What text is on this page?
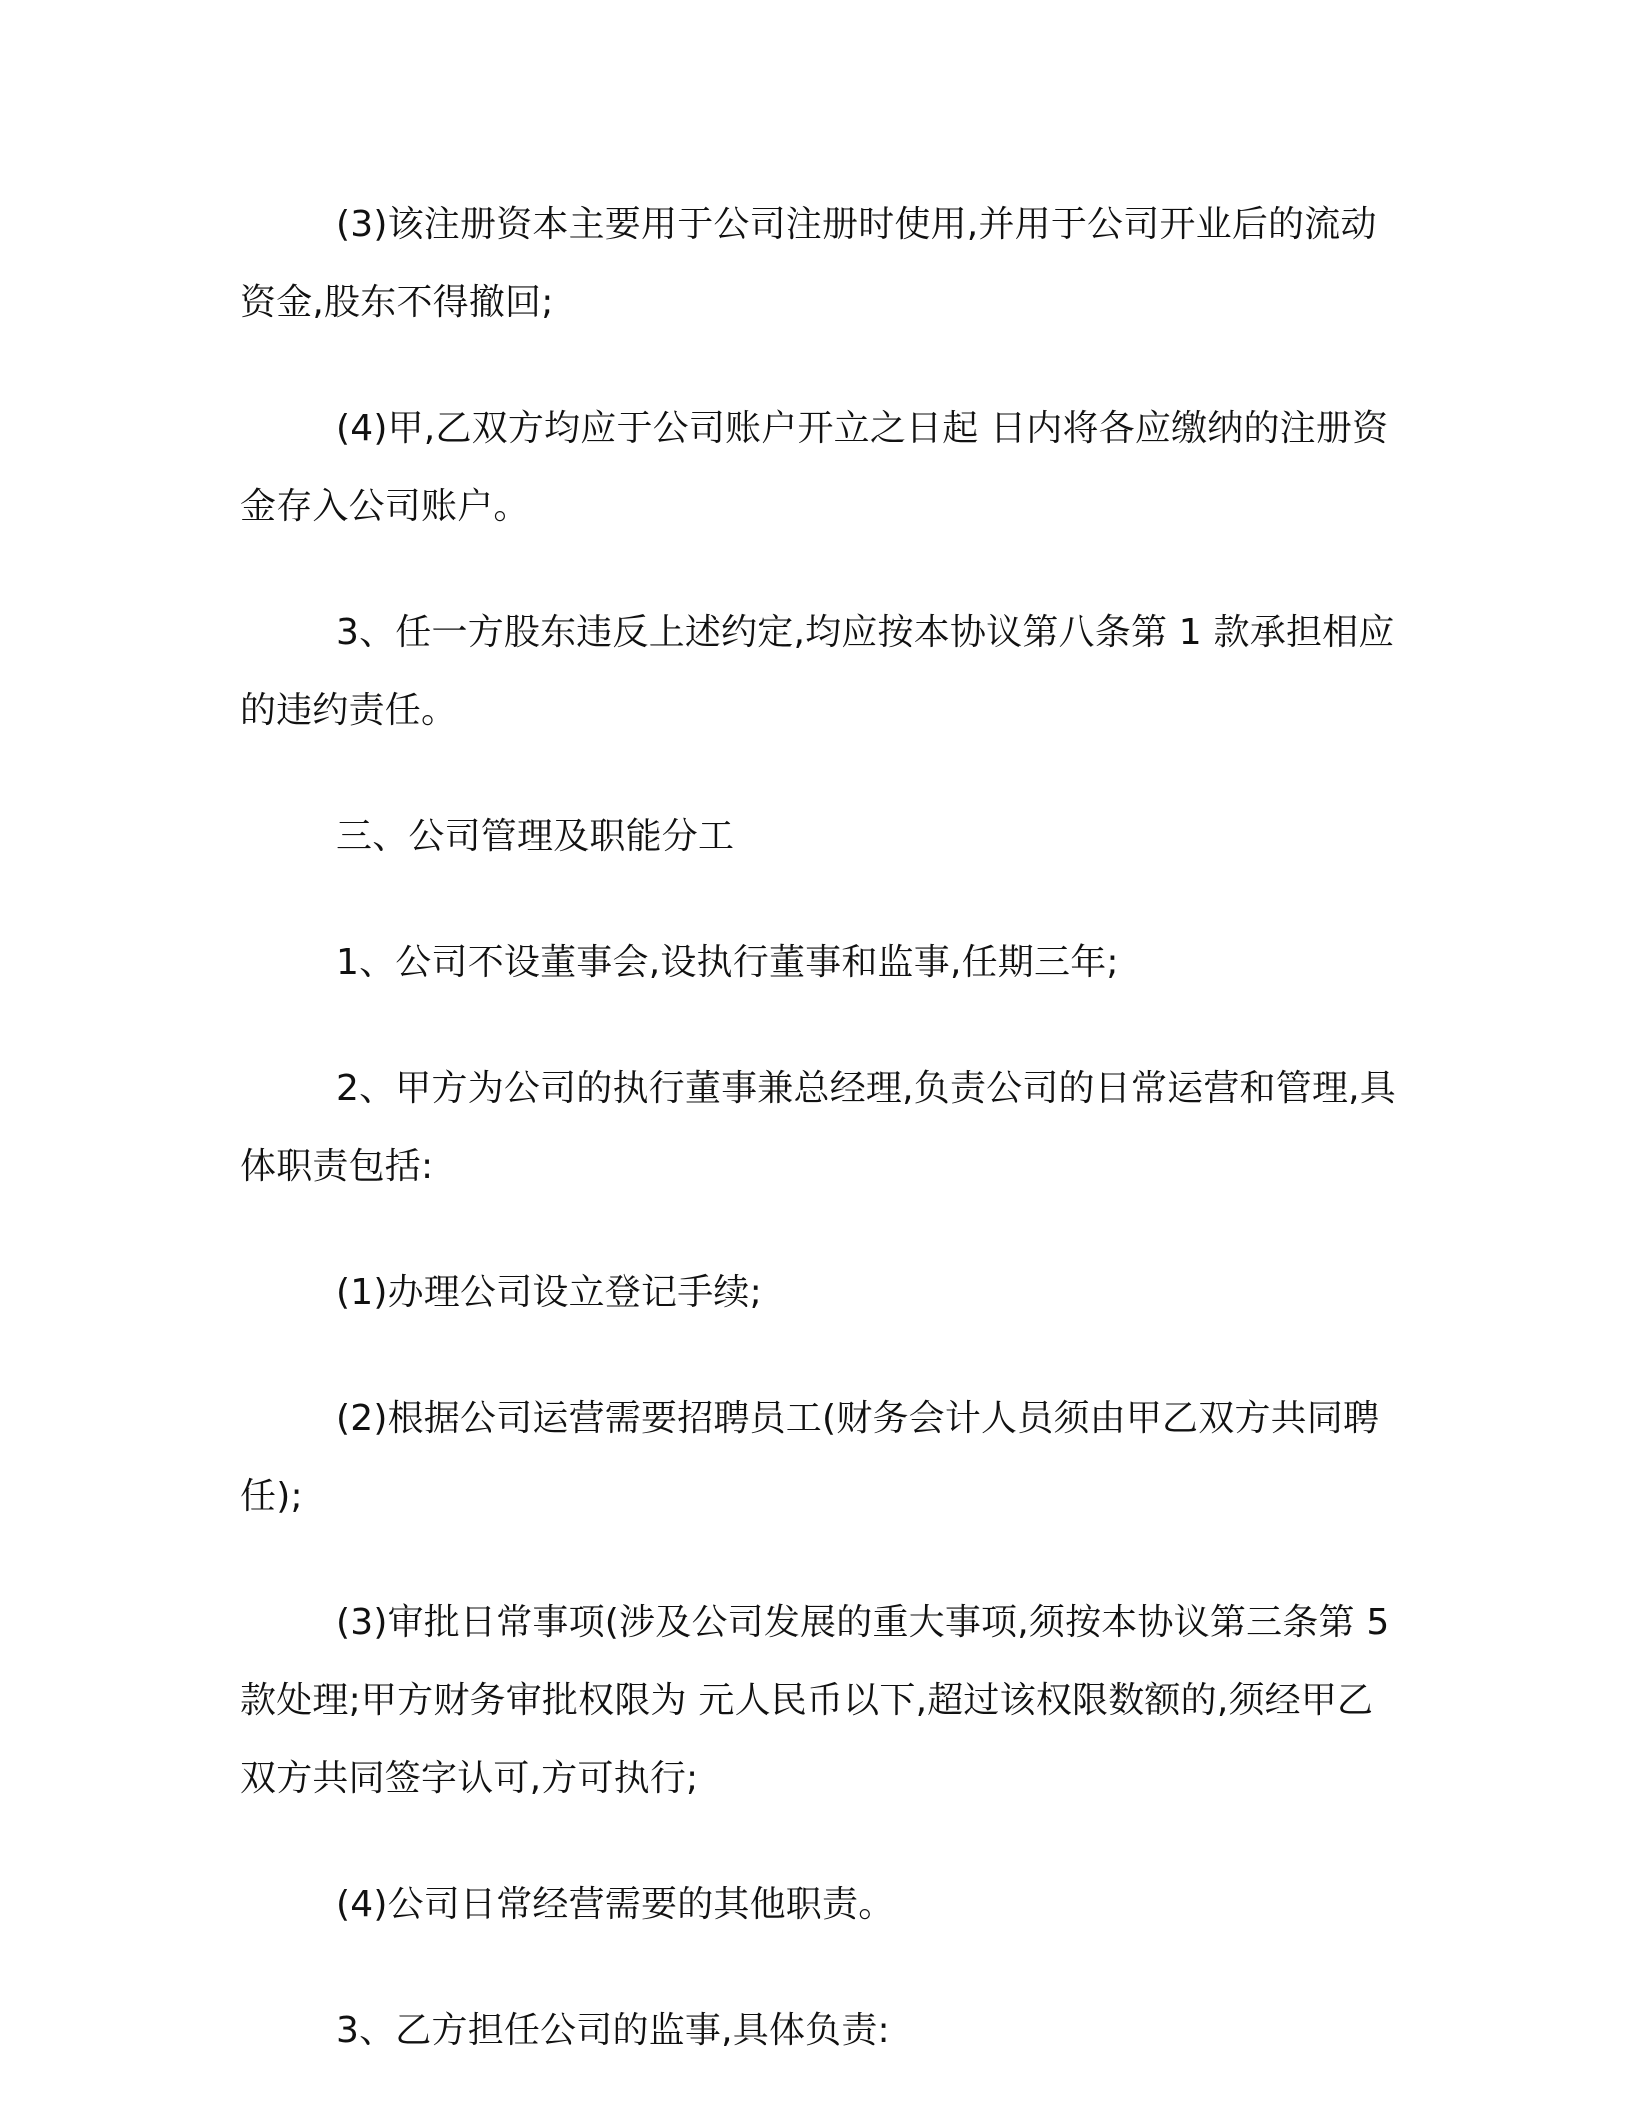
(3)该注册资本主要用于公司注册时使用,并用于公司开业后的流动资金,股东不得撤回;

(4)甲,乙双方均应于公司账户开立之日起 日内将各应缴纳的注册资金存入公司账户。

3、任一方股东违反上述约定,均应按本协议第八条第 1 款承担相应的违约责任。

三、公司管理及职能分工

1、公司不设董事会,设执行董事和监事,任期三年;

2、甲方为公司的执行董事兼总经理,负责公司的日常运营和管理,具体职责包括:

(1)办理公司设立登记手续;

(2)根据公司运营需要招聘员工(财务会计人员须由甲乙双方共同聘任);

(3)审批日常事项(涉及公司发展的重大事项,须按本协议第三条第 5 款处理;甲方财务审批权限为 元人民币以下,超过该权限数额的,须经甲乙双方共同签字认可,方可执行;

(4)公司日常经营需要的其他职责。

3、乙方担任公司的监事,具体负责:
